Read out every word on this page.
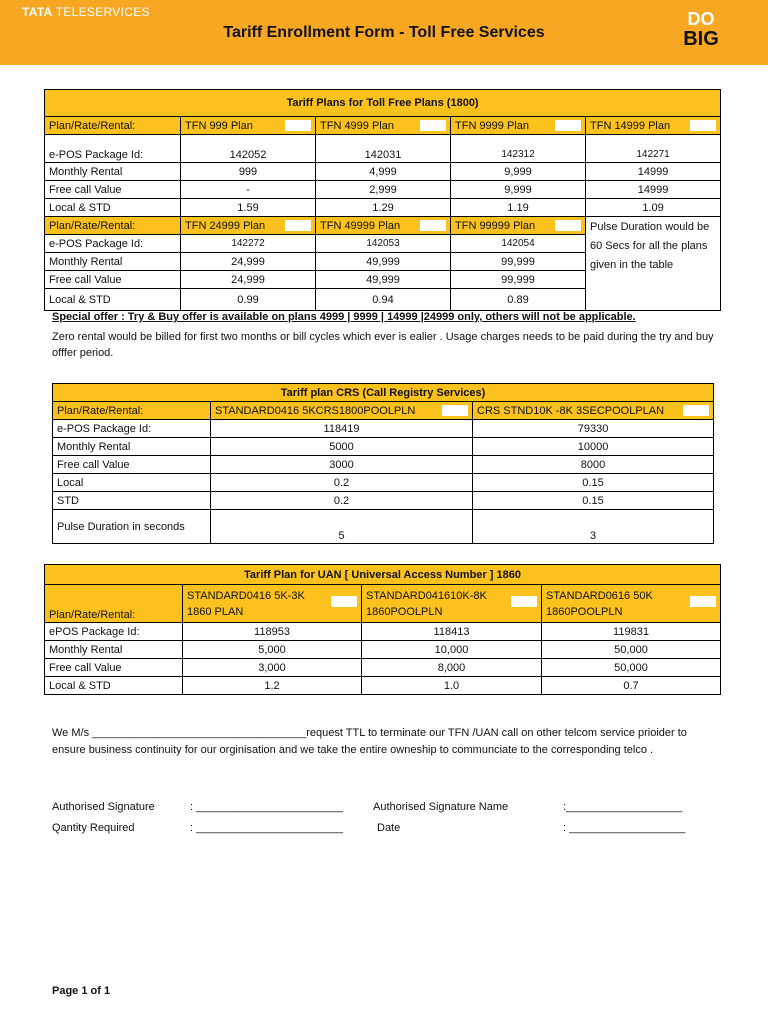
TATA TELESERVICES
Tariff Enrollment Form - Toll Free Services
DO
BIG
Tariff Plans for Toll Free Plans (1800)				
Plan/Rate/Rental:	TFN 999 Plan	TFN 4999 Plan	TFN 9999 Plan	TFN 14999 Plan

e-POS Package Id:	142052	142031	142312	142271
Monthly Rental	999	4,999	9,999	14999
Free call Value	-	2,999	9,999	14999
Local & STD	1.59	1.29	1.19	1.09
Plan/Rate/Rental:	TFN 24999 Plan	TFN 49999 Plan	TFN 99999 Plan	Pulse Duration would be 60 Secs for all the plans given in the table
e-POS Package Id:	142272	142053	142054	
Monthly Rental	24,999	49,999	99,999	
Free call Value	24,999	49,999	99,999	
Local & STD	0.99	0.94	0.89	
Special offer : Try & Buy offer is available on plans 4999 | 9999 | 14999 |24999 only, others will not be applicable.
Zero rental would be billed for first two months or bill cycles which ever is ealier . Usage charges needs to be paid during the try and buy offfer period.
Tariff plan CRS (Call Registry Services)		
Plan/Rate/Rental:	STANDARD0416 5KCRS1800POOLPLN	CRS STND10K -8K 3SECPOOLPLAN

e-POS Package Id:	118419	79330
Monthly Rental	5000	10000
Free call Value	3000	8000
Local	0.2	0.15
STD	0.2	0.15
Pulse Duration in seconds	5	3
Tariff Plan for UAN [ Universal Access Number ] 1860			
Plan/Rate/Rental:	STANDARD0416 5K-3K 1860 PLAN	STANDARD041610K-8K 1860POOLPLN	STANDARD0616 50K 1860POOLPLN
ePOS Package Id:	118953	118413	119831
Monthly Rental	5,000	10,000	50,000
Free call Value	3,000	8,000	50,000
Local & STD	1.2	1.0	0.7
We M/s ___________________________________request TTL to terminate our TFN /UAN call on other telcom service prioider to ensure business continuity for our orginisation and we take the entire owneship to communciate to the corresponding telco .
Authorised Signature	: ________________________	Authorised Signature Name	:___________________
Qantity Required	: ________________________	Date	: ___________________
Page 1 of 1
